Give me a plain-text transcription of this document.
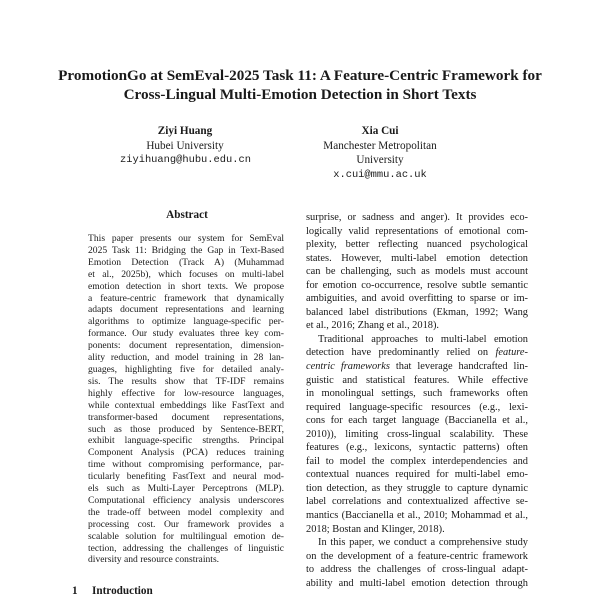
PromotionGo at SemEval-2025 Task 11: A Feature-Centric Framework for
Cross-Lingual Multi-Emotion Detection in Short Texts
Ziyi Huang
Hubei University
ziyihuang@hubu.edu.cn
Xia Cui
Manchester Metropolitan University
x.cui@mmu.ac.uk
Abstract
This paper presents our system for SemEval
2025 Task 11: Bridging the Gap in Text-Based
Emotion Detection (Track A) (Muhammad
et al., 2025b), which focuses on multi-label
emotion detection in short texts. We propose
a feature-centric framework that dynamically
adapts document representations and learning
algorithms to optimize language-specific per-
formance. Our study evaluates three key com-
ponents: document representation, dimension-
ality reduction, and model training in 28 lan-
guages, highlighting five for detailed analy-
sis. The results show that TF-IDF remains
highly effective for low-resource languages,
while contextual embeddings like FastText and
transformer-based document representations,
such as those produced by Sentence-BERT,
exhibit language-specific strengths. Principal
Component Analysis (PCA) reduces training
time without compromising performance, par-
ticularly benefiting FastText and neural mod-
els such as Multi-Layer Perceptrons (MLP).
Computational efficiency analysis underscores
the trade-off between model complexity and
processing cost. Our framework provides a
scalable solution for multilingual emotion de-
tection, addressing the challenges of linguistic
diversity and resource constraints.
1 Introduction
surprise, or sadness and anger). It provides eco-
logically valid representations of emotional com-
plexity, better reflecting nuanced psychological
states. However, multi-label emotion detection
can be challenging, such as models must account
for emotion co-occurrence, resolve subtle semantic
ambiguities, and avoid overfitting to sparse or im-
balanced label distributions (Ekman, 1992; Wang
et al., 2016; Zhang et al., 2018).
Traditional approaches to multi-label emotion
detection have predominantly relied on feature-
centric frameworks that leverage handcrafted lin-
guistic and statistical features. While effective
in monolingual settings, such frameworks often
required language-specific resources (e.g., lexi-
cons for each target language (Baccianella et al.,
2010)), limiting cross-lingual scalability. These
features (e.g., lexicons, syntactic patterns) often
fail to model the complex interdependencies and
contextual nuances required for multi-label emo-
tion detection, as they struggle to capture dynamic
label correlations and contextualized affective se-
mantics (Baccianella et al., 2010; Mohammad et al.,
2018; Bostan and Klinger, 2018).
In this paper, we conduct a comprehensive study
on the development of a feature-centric framework
to address the challenges of cross-lingual adapt-
ability and multi-label emotion detection through
